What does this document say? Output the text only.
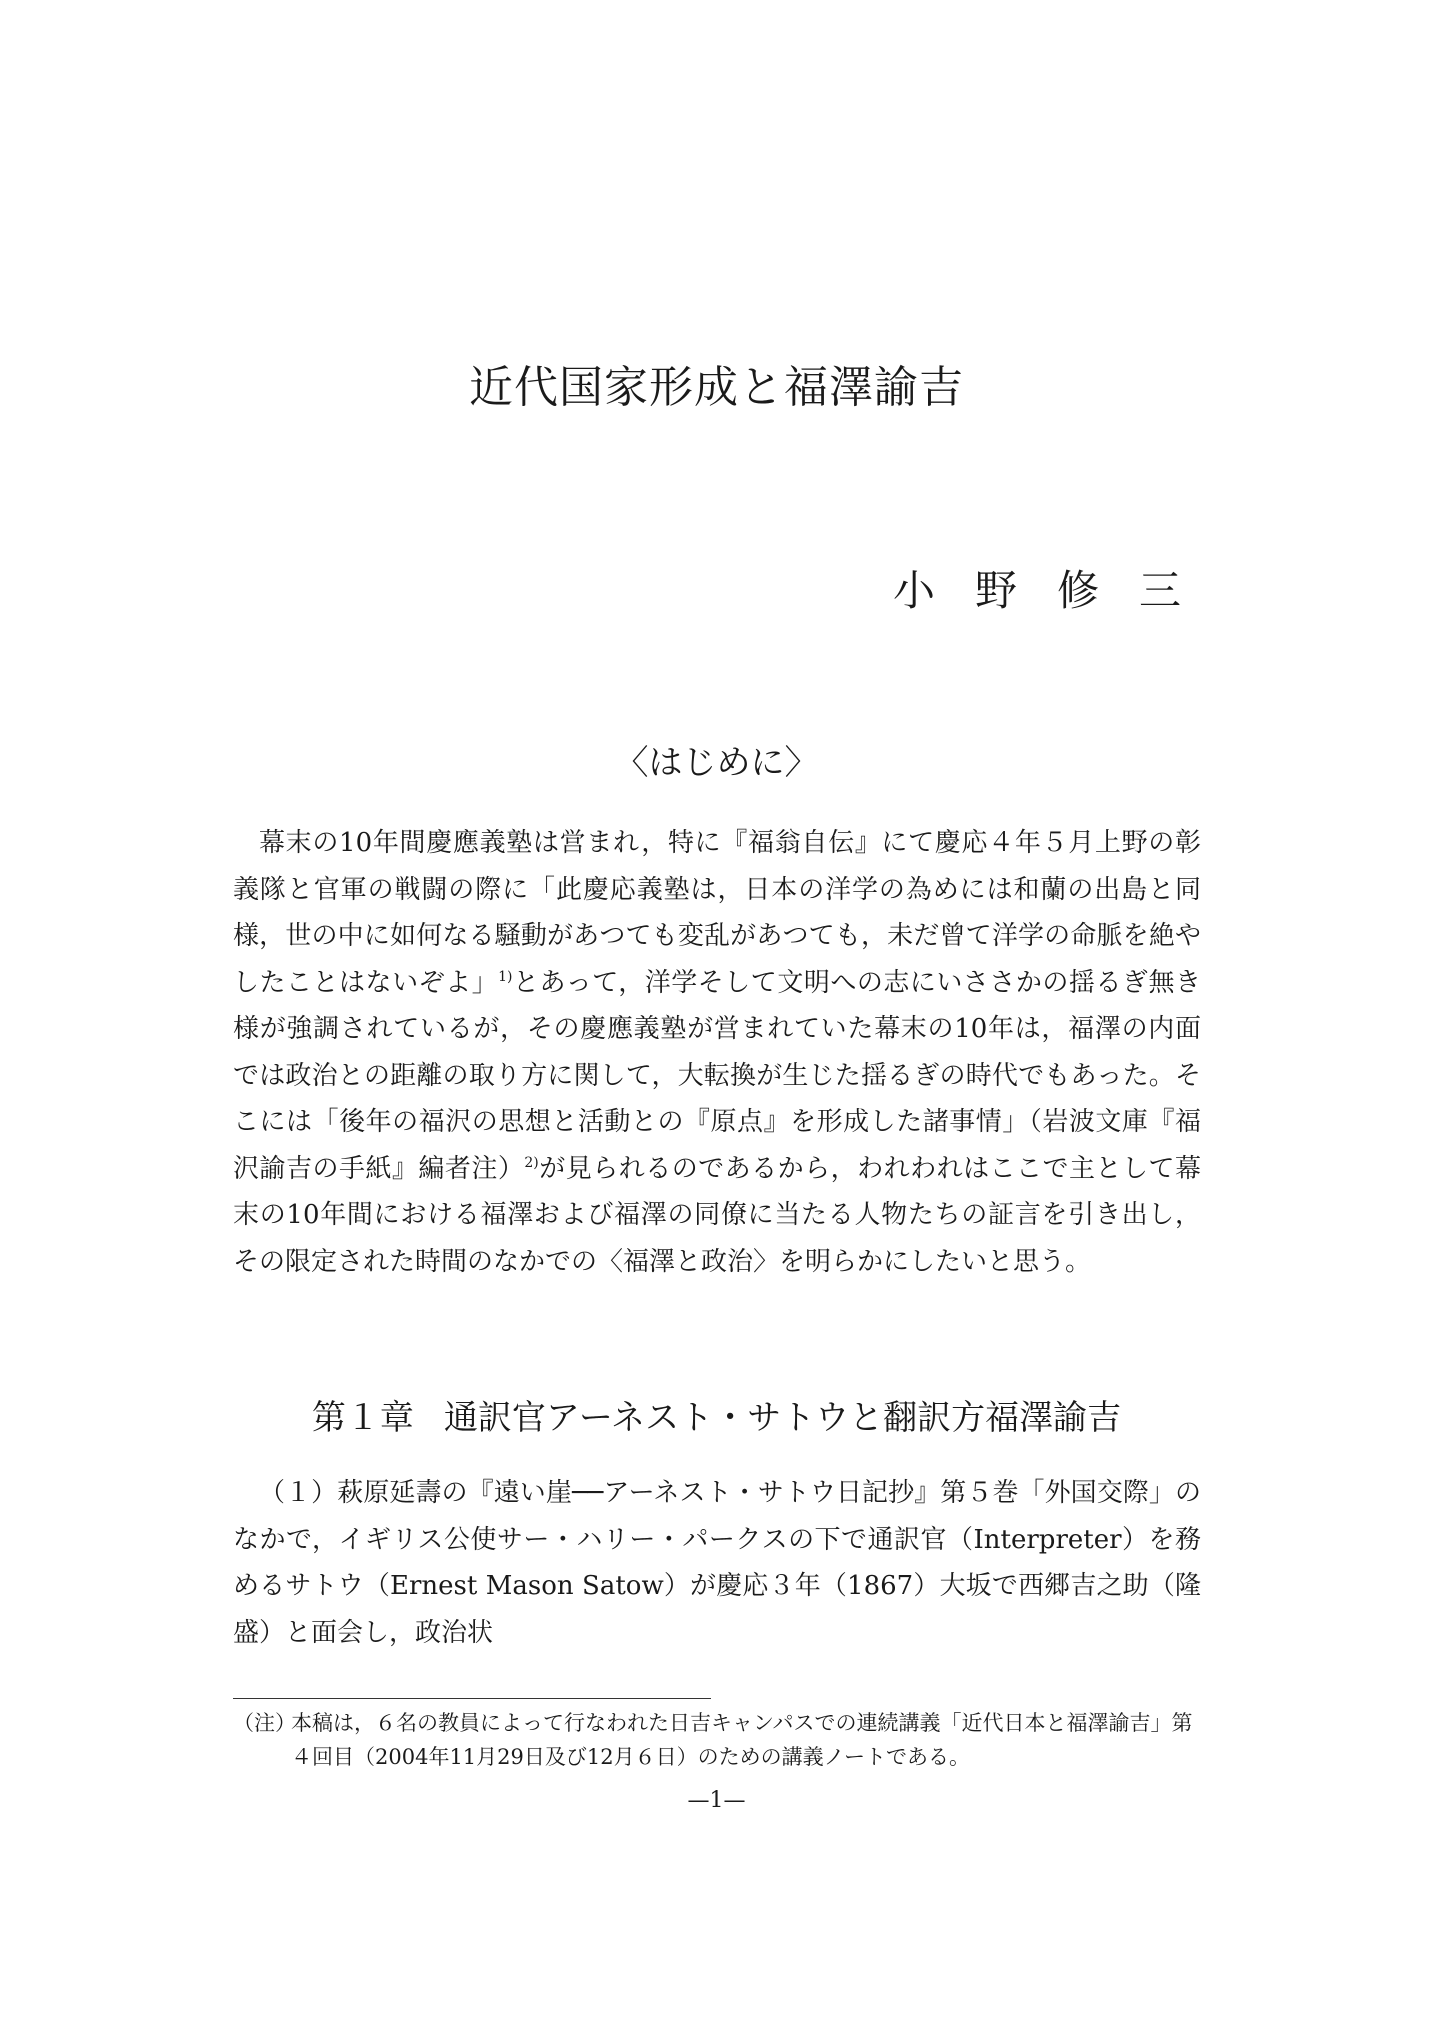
近代国家形成と福澤諭吉
小野修三
〈はじめに〉
幕末の10年間慶應義塾は営まれ，特に『福翁自伝』にて慶応４年５月上野の彰義隊と官軍の戦闘の際に「此慶応義塾は，日本の洋学の為めには和蘭の出島と同様，世の中に如何なる騒動があつても変乱があつても，未だ曾て洋学の命脈を絶やしたことはないぞよ」$^{1)}$とあって，洋学そして文明への志にいささかの揺るぎ無き様が強調されているが，その慶應義塾が営まれていた幕末の10年は，福澤の内面では政治との距離の取り方に関して，大転換が生じた揺るぎの時代でもあった。そこには「後年の福沢の思想と活動との『原点』を形成した諸事情」（岩波文庫『福沢諭吉の手紙』編者注）$^{2)}$が見られるのであるから，われわれはここで主として幕末の10年間における福澤および福澤の同僚に当たる人物たちの証言を引き出し，その限定された時間のなかでの〈福澤と政治〉を明らかにしたいと思う。
第１章 通訳官アーネスト・サトウと翻訳方福澤諭吉
（１）萩原延壽の『遠い崖──アーネスト・サトウ日記抄』第５巻「外国交際」のなかで，イギリス公使サー・ハリー・パークスの下で通訳官（Interpreter）を務めるサトウ（Ernest Mason Satow）が慶応３年（1867）大坂で西郷吉之助（隆盛）と面会し，政治状
（注）
本稿は，６名の教員によって行なわれた日吉キャンパスでの連続講義「近代日本と福澤諭吉」第４回目（2004年11月29日及び12月６日）のための講義ノートである。
—1—
